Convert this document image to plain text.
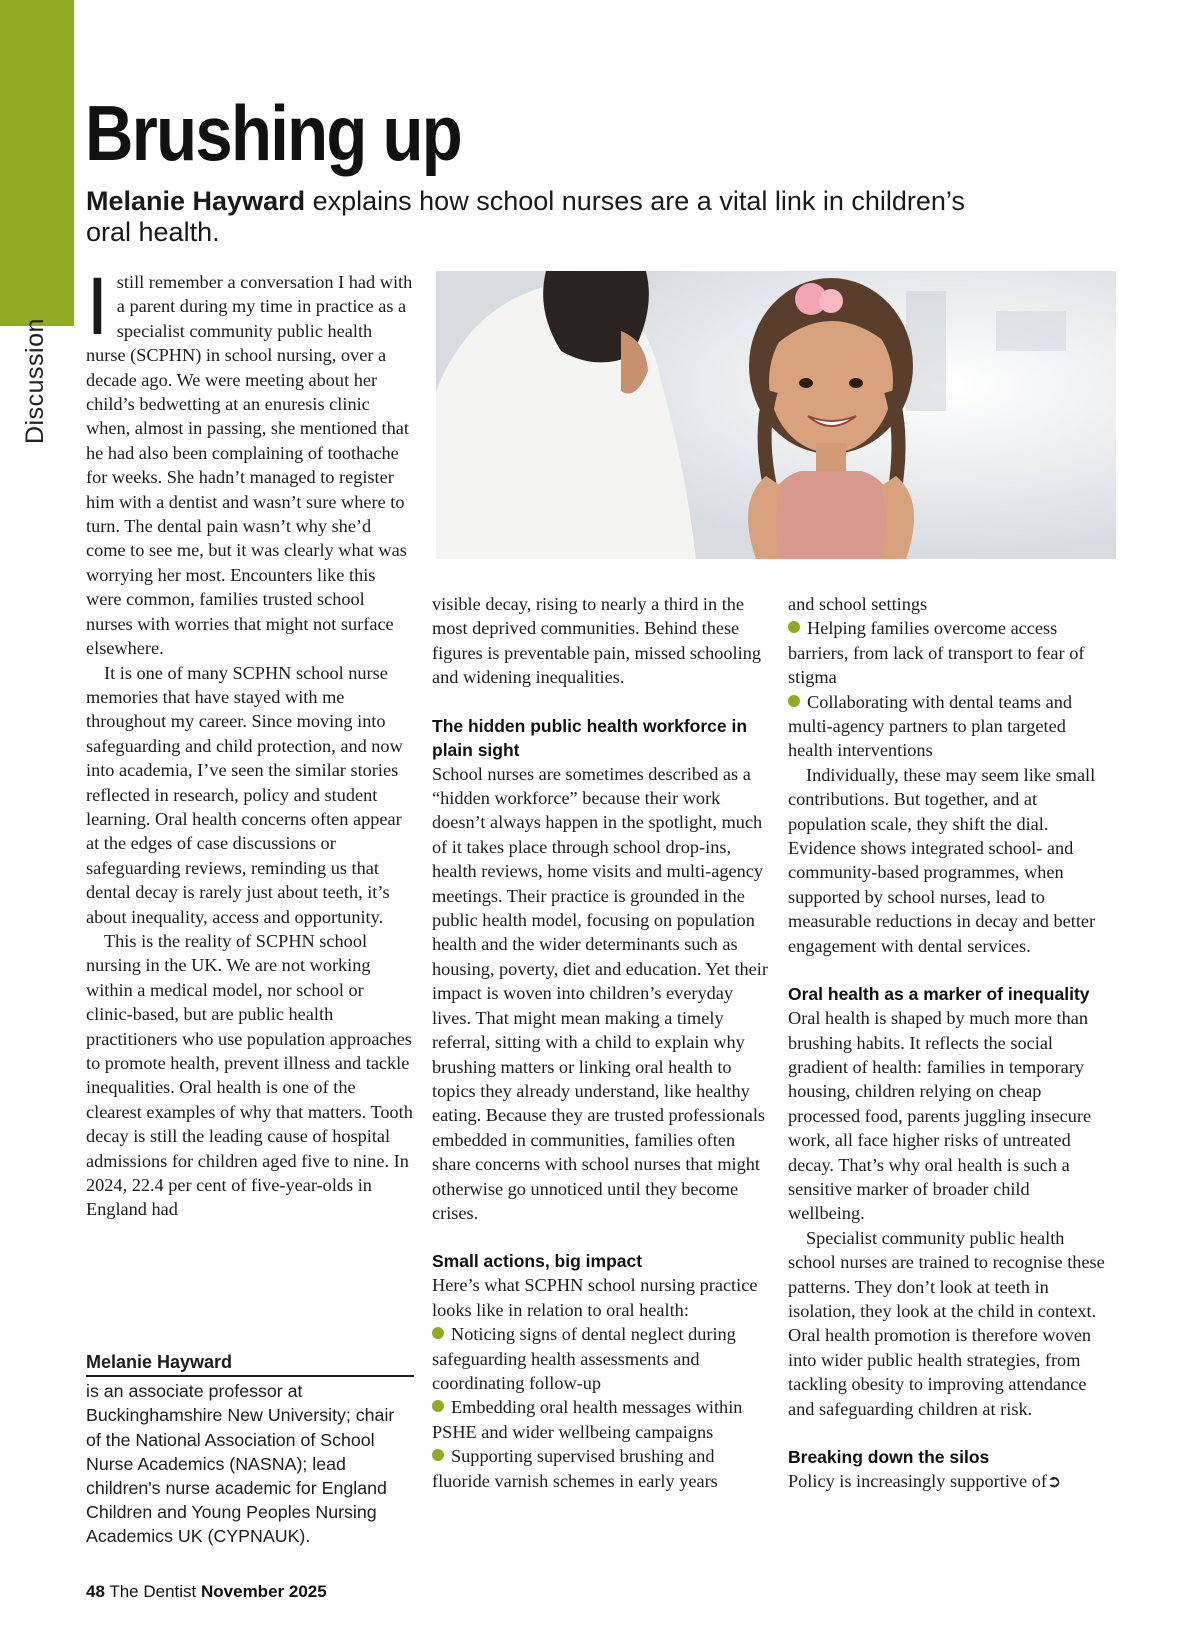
Discussion
Brushing up

Melanie Hayward explains how school nurses are a vital link in children’s oral health.

I still remember a conversation I had with a parent during my time in practice as a specialist community public health nurse (SCPHN) in school nursing, over a decade ago. We were meeting about her child’s bedwetting at an enuresis clinic when, almost in passing, she mentioned that he had also been complaining of toothache for weeks. She hadn’t managed to register him with a dentist and wasn’t sure where to turn. The dental pain wasn’t why she’d come to see me, but it was clearly what was worrying her most. Encounters like this were common, families trusted school nurses with worries that might not surface elsewhere.

It is one of many SCPHN school nurse memories that have stayed with me throughout my career. Since moving into safeguarding and child protection, and now into academia, I’ve seen the similar stories reflected in research, policy and student learning. Oral health concerns often appear at the edges of case discussions or safeguarding reviews, reminding us that dental decay is rarely just about teeth, it’s about inequality, access and opportunity.

This is the reality of SCPHN school nursing in the UK. We are not working within a medical model, nor school or clinic-based, but are public health practitioners who use population approaches to promote health, prevent illness and tackle inequalities. Oral health is one of the clearest examples of why that matters. Tooth decay is still the leading cause of hospital admissions for children aged five to nine. In 2024, 22.4 per cent of five-year-olds in England had

visible decay, rising to nearly a third in the most deprived communities. Behind these figures is preventable pain, missed schooling and widening inequalities.

The hidden public health workforce in plain sight

School nurses are sometimes described as a “hidden workforce” because their work doesn’t always happen in the spotlight, much of it takes place through school drop-ins, health reviews, home visits and multi-agency meetings. Their practice is grounded in the public health model, focusing on population health and the wider determinants such as housing, poverty, diet and education. Yet their impact is woven into children’s everyday lives. That might mean making a timely referral, sitting with a child to explain why brushing matters or linking oral health to topics they already understand, like healthy eating. Because they are trusted professionals embedded in communities, families often share concerns with school nurses that might otherwise go unnoticed until they become crises.

Small actions, big impact

Here’s what SCPHN school nursing practice looks like in relation to oral health:

Noticing signs of dental neglect during safeguarding health assessments and coordinating follow-up

Embedding oral health messages within PSHE and wider wellbeing campaigns

Supporting supervised brushing and fluoride varnish schemes in early years

and school settings

Helping families overcome access barriers, from lack of transport to fear of stigma

Collaborating with dental teams and multi-agency partners to plan targeted health interventions

Individually, these may seem like small contributions. But together, and at population scale, they shift the dial. Evidence shows integrated school- and community-based programmes, when supported by school nurses, lead to measurable reductions in decay and better engagement with dental services.

Oral health as a marker of inequality

Oral health is shaped by much more than brushing habits. It reflects the social gradient of health: families in temporary housing, children relying on cheap processed food, parents juggling insecure work, all face higher risks of untreated decay. That’s why oral health is such a sensitive marker of broader child wellbeing.

Specialist community public health school nurses are trained to recognise these patterns. They don’t look at teeth in isolation, they look at the child in context. Oral health promotion is therefore woven into wider public health strategies, from tackling obesity to improving attendance and safeguarding children at risk.

Breaking down the silos

Policy is increasingly supportive of➲

Melanie Hayward

is an associate professor at Buckinghamshire New University; chair of the National Association of School Nurse Academics (NASNA); lead children's nurse academic for England Children and Young Peoples Nursing Academics UK (CYPNAUK).

48 The Dentist November 2025
